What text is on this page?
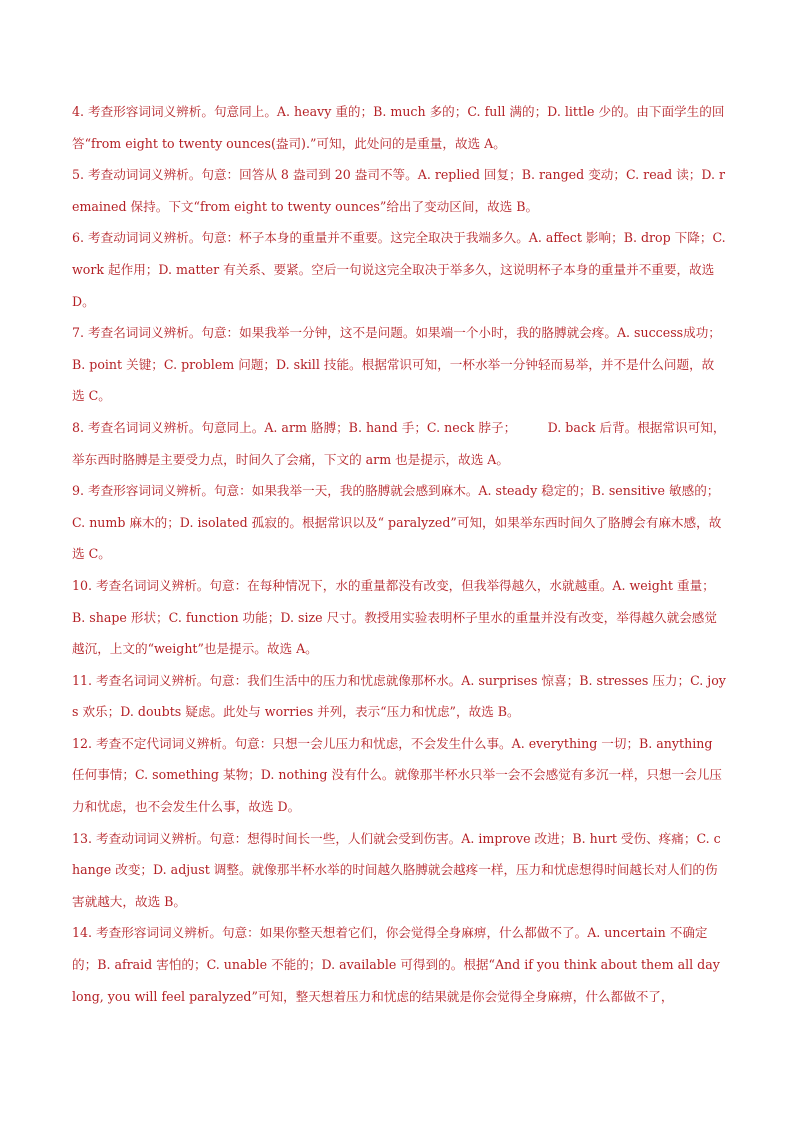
4. 考查形容词词义辨析。句意同上。A. heavy 重的；B. much 多的；C. full 满的；D. little 少的。由下面学生的回答“from eight to twenty ounces(盎司).”可知，此处问的是重量，故选 A。

5. 考查动词词义辨析。句意：回答从 8 盎司到 20 盎司不等。A. replied 回复；B. ranged 变动；C. read 读；D. remained 保持。下文“from eight to twenty ounces”给出了变动区间，故选 B。

6. 考查动词词义辨析。句意：杯子本身的重量并不重要。这完全取决于我端多久。A. affect 影响；B. drop 下降；C. work 起作用；D. matter 有关系、要紧。空后一句说这完全取决于举多久，这说明杯子本身的重量并不重要，故选 D。

7. 考查名词词义辨析。句意：如果我举一分钟，这不是问题。如果端一个小时，我的胳膊就会疼。A. success成功；B. point 关键；C. problem 问题；D. skill 技能。根据常识可知，一杯水举一分钟轻而易举，并不是什么问题，故选 C。

8. 考查名词词义辨析。句意同上。A. arm 胳膊；B. hand 手；C. neck 脖子；　　　D. back 后背。根据常识可知，举东西时胳膊是主要受力点，时间久了会痛，下文的 arm 也是提示，故选 A。

9. 考查形容词词义辨析。句意：如果我举一天，我的胳膊就会感到麻木。A. steady 稳定的；B. sensitive 敏感的；C. numb 麻木的；D. isolated 孤寂的。根据常识以及“ paralyzed”可知，如果举东西时间久了胳膊会有麻木感，故选 C。

10. 考查名词词义辨析。句意：在每种情况下，水的重量都没有改变，但我举得越久，水就越重。A. weight 重量；B. shape 形状；C. function 功能；D. size 尺寸。教授用实验表明杯子里水的重量并没有改变，举得越久就会感觉越沉，上文的“weight”也是提示。故选 A。

11. 考查名词词义辨析。句意：我们生活中的压力和忧虑就像那杯水。A. surprises 惊喜；B. stresses 压力；C. joys 欢乐；D. doubts 疑虑。此处与 worries 并列，表示“压力和忧虑”，故选 B。

12. 考查不定代词词义辨析。句意：只想一会儿压力和忧虑，不会发生什么事。A. everything 一切；B. anything 任何事情；C. something 某物；D. nothing 没有什么。就像那半杯水只举一会不会感觉有多沉一样，只想一会儿压力和忧虑，也不会发生什么事，故选 D。

13. 考查动词词义辨析。句意：想得时间长一些，人们就会受到伤害。A. improve 改进；B. hurt 受伤、疼痛；C. change 改变；D. adjust 调整。就像那半杯水举的时间越久胳膊就会越疼一样，压力和忧虑想得时间越长对人们的伤害就越大，故选 B。

14. 考查形容词词义辨析。句意：如果你整天想着它们，你会觉得全身麻痹，什么都做不了。A. uncertain 不确定的；B. afraid 害怕的；C. unable 不能的；D. available 可得到的。根据“And if you think about them all day long, you will feel paralyzed”可知，整天想着压力和忧虑的结果就是你会觉得全身麻痹，什么都做不了，
